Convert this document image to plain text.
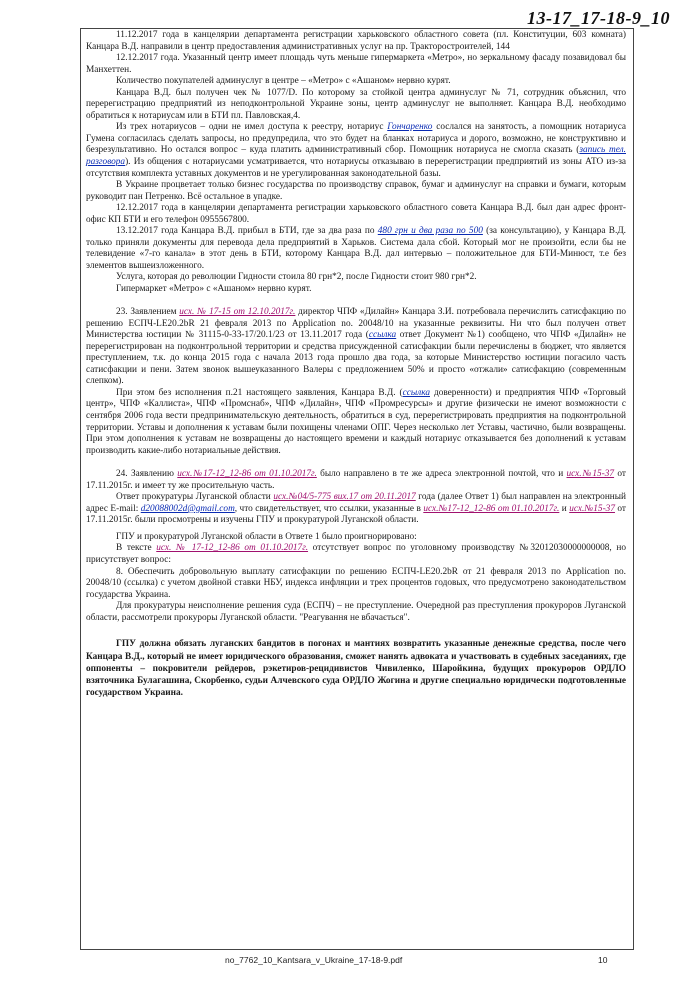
13-17_17-18-9_10

11.12.2017 года в канцелярии департамента регистрации харьковского областного совета (пл. Конституции, 603 комната) Канцара В.Д. направили в центр предоставления административных услуг на пр. Тракторостроителей, 144

12.12.2017 года. Указанный центр имеет площадь чуть меньше гипермаркета «Метро», но зеркальному фасаду позавидовал бы Манхеттен.

Количество покупателей админуслуг в центре – «Метро» с «Ашаном» нервно курят.

Канцара В.Д. был получен чек № 1077/D. По которому за стойкой центра админуслуг № 71, сотрудник объяснил, что перерегистрацию предприятий из неподконтрольной Украине зоны, центр админуслуг не выполняет. Канцара В.Д. необходимо обратиться к нотариусам или в БТИ пл. Павловская,4.

Из трех нотариусов – одни не имел доступа к реестру, нотариус Гончаренко сослался на занятость, а помощник нотариуса Гумена согласилась сделать запросы, но предупредила, что это будет на бланках нотариуса и дорого, возможно, не конструктивно и безрезультативно. Но остался вопрос – куда платить административный сбор. Помощник нотариуса не смогла сказать (запись тел. разговора). Из общения с нотариусами усматривается, что нотариусы отказываю в перерегистрации предприятий из зоны АТО из-за отсутствия комплекта уставных документов и не урегулированная законодательной базы.

В Украине процветает только бизнес государства по производству справок, бумаг и админуслуг на справки и бумаги, которым руководит пан Петренко. Всё остальное в упадке.

12.12.2017 года в канцелярии департамента регистрации харьковского областного совета Канцара В.Д. был дан адрес фронт-офис КП БТИ и его телефон 0955567800.

13.12.2017 года Канцара В.Д. прибыл в БТИ, где за два раза по 480 грн и два раза по 500 (за консультацию), у Канцара В.Д. только приняли документы для перевода дела предприятий в Харьков. Система дала сбой. Который мог не произойти, если бы не телевидение «7-го канала» в этот день в БТИ, которому Канцара В.Д. дал интервью – положительное для БТИ-Минюст, т.е без элементов вышеизложенного.

Услуга, которая до революции Гидности стоила 80 грн*2, после Гидности стоит 980 грн*2.

Гипермаркет «Метро» с «Ашаном» нервно курят.

23. Заявлением исх. № 17-15 от 12.10.2017г. директор ЧПФ «Дилайн» Канцара З.И. потребовала перечислить сатисфакцию по решению ЕСПЧ-LE20.2bR 21 февраля 2013 по Application no. 20048/10 на указанные реквизиты. Ни что был получен ответ Министерства юстиции № 31115-0-33-17/20.1/23 от 13.11.2017 года (ссылка ответ Документ №1) сообщено, что ЧПФ «Дилайн» не перерегистрирован на подконтрольной территории и средства присужденной сатисфакции были перечислены в бюджет, что является преступлением, т.к. до конца 2015 года с начала 2013 года прошло два года, за которые Министерство юстиции погасило часть сатисфакции и пени. Затем звонок вышеуказанного Валеры с предложением 50% и просто «отжали» сатисфакцию (современным слепком).

При этом без исполнения п.21 настоящего заявления, Канцара В.Д. (ссылка доверенности) и предприятия ЧПФ «Торговый центр», ЧПФ «Каллиста», ЧПФ «Промснаб», ЧПФ «Дилайн», ЧПФ «Промресурсы» и другие физически не имеют возможности с сентября 2006 года вести предпринимательскую деятельность, обратиться в суд, перерегистрировать предприятия на подконтрольной территории. Уставы и дополнения к уставам были похищены членами ОПГ. Через несколько лет Уставы, частично, были возвращены. При этом дополнения к уставам не возвращены до настоящего времени и каждый нотариус отказывается без дополнений к уставам производить какие-либо нотариальные действия.

24. Заявлению исх.№17-12_12-86 от 01.10.2017г. было направлено в те же адреса электронной почтой, что и исх.№15-37 от 17.11.2015г. и имеет ту же просительную часть.

Ответ прокуратуры Луганской области исх.№04/5-775 вих.17 от 20.11.2017 года (далее Ответ 1) был направлен на электронный адрес E-mail: d20088002d@gmail.com, что свидетельствует, что ссылки, указанные в исх.№17-12_12-86 от 01.10.2017г. и исх.№15-37 от 17.11.2015г. были просмотрены и изучены ГПУ и прокуратурой Луганской области.

ГПУ и прокуратурой Луганской области в Ответе 1 было проигнорировано:

В тексте исх. № 17-12_12-86 от 01.10.2017г. отсутствует вопрос по уголовному производству №32012030000000008, но присутствует вопрос:

8. Обеспечить добровольную выплату сатисфакции по решению ЕСПЧ-LE20.2bR от 21 февраля 2013 по Application no. 20048/10 (ссылка) с учетом двойной ставки НБУ, индекса инфляции и трех процентов годовых, что предусмотрено законодательством государства Украина.

Для прокуратуры неисполнение решения суда (ЕСПЧ) – не преступление. Очередной раз преступления прокуроров Луганской области, рассмотрели прокуроры Луганской области. "Реагування не вбачається".

ГПУ должна обязать луганских бандитов в погонах и мантиях возвратить указанные денежные средства, после чего Канцара В.Д., который не имеет юридического образования, сможет нанять адвоката и участвовать в судебных заседаниях, где оппоненты – покровители рейдеров, рэкетиров-рецидивистов Чивиленко, Шаройкина, будущих прокуроров ОРДЛО взяточника Булагашина, Скорбенко, судьи Алчевского суда ОРДЛО Жогина и другие специально юридически подготовленные государством Украина.

no_7762_10_Kantsara_v_Ukraine_17-18-9.pdf	10
